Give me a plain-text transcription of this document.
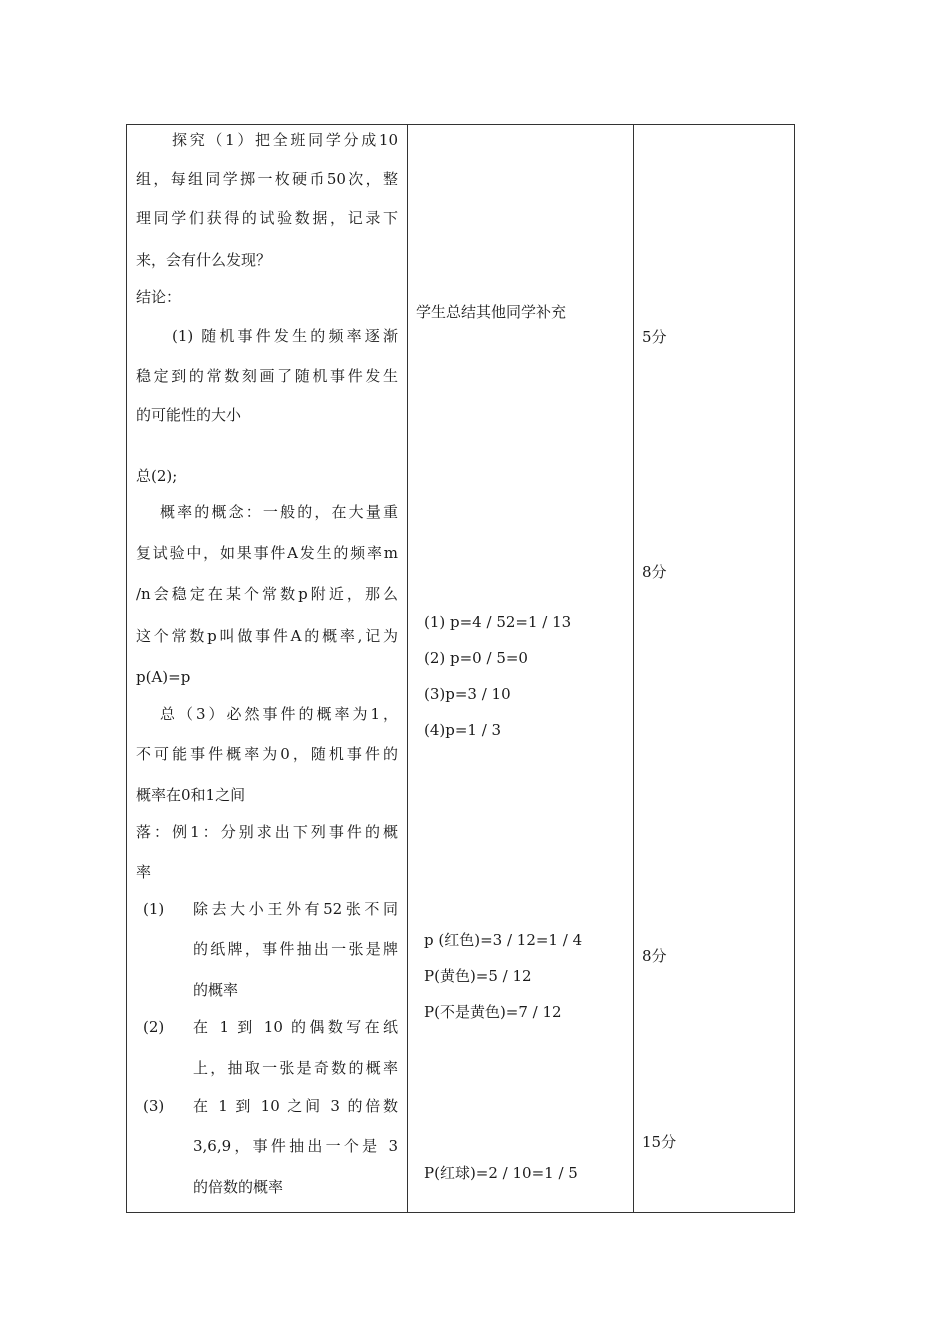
探究（1）把全班同学分成10
组，每组同学掷一枚硬币50次，整
理同学们获得的试验数据，记录下
来，会有什么发现？
结论：
(1) 随机事件发生的频率逐渐
稳定到的常数刻画了随机事件发生
的可能性的大小
总(2);
概率的概念：一般的，在大量重
复试验中，如果事件A发生的频率m
/n会稳定在某个常数p附近，那么
这个常数p叫做事件A的概率,记为
p(A)=p
总（3）必然事件的概率为1，
不可能事件概率为0，随机事件的
概率在0和1之间
落：例1：分别求出下列事件的概
率
(1) 除去大小王外有52张不同
的纸牌，事件抽出一张是牌
的概率
(2) 在 1 到 10 的偶数写在纸
上，抽取一张是奇数的概率
(3) 在 1 到 10 之间 3 的倍数
3,6,9，事件抽出一个是 3
的倍数的概率
学生总结其他同学补充
(1) p=4 / 52=1 / 13
(2) p=0 / 5=0
(3)p=3 / 10
(4)p=1 / 3
p (红色)=3 / 12=1 / 4
P(黄色)=5 / 12
P(不是黄色)=7 / 12
P(红球)=2 / 10=1 / 5
5分
8分
8分
15分
